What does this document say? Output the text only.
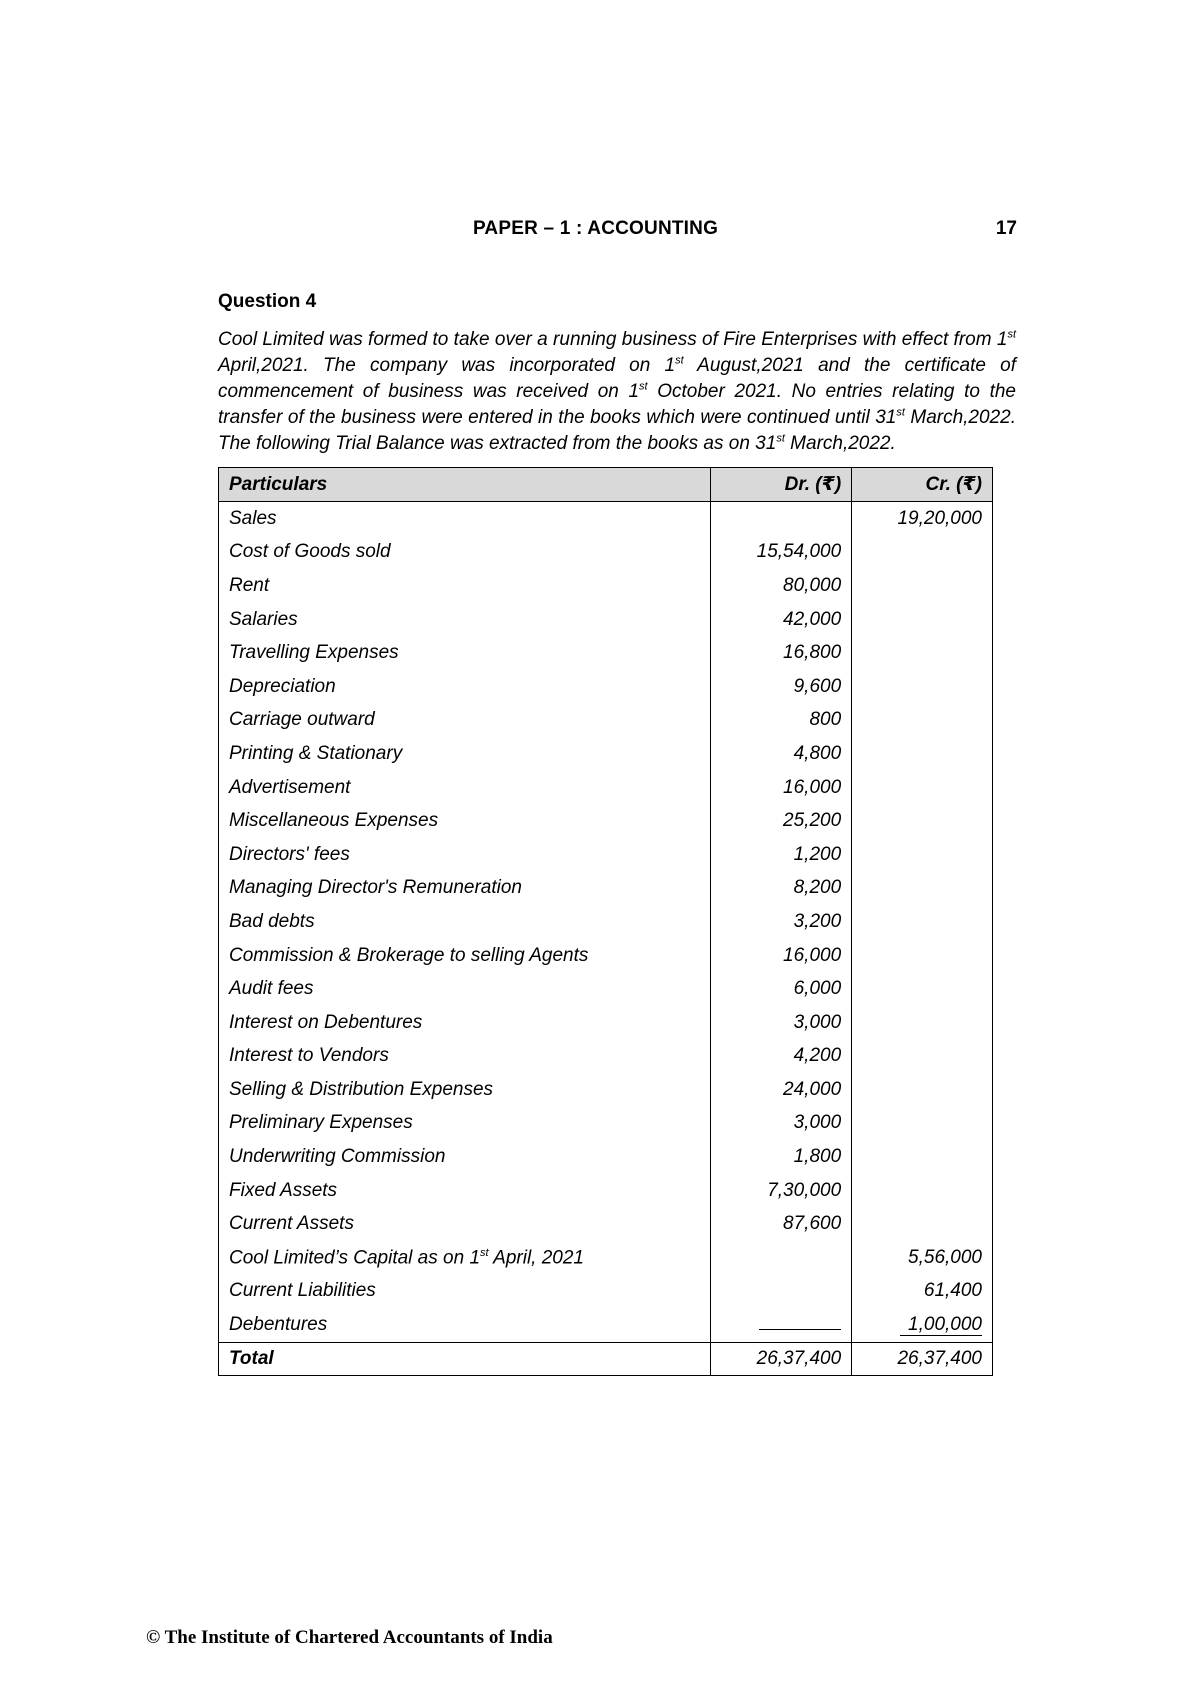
PAPER – 1 : ACCOUNTING	17
Question 4
Cool Limited was formed to take over a running business of Fire Enterprises with effect from 1st April,2021. The company was incorporated on 1st August,2021 and the certificate of commencement of business was received on 1st October 2021. No entries relating to the transfer of the business were entered in the books which were continued until 31st March,2022. The following Trial Balance was extracted from the books as on 31st March,2022.
Particulars	Dr. (₹)	Cr. (₹)
Sales		19,20,000
Cost of Goods sold	15,54,000	
Rent	80,000	
Salaries	42,000	
Travelling Expenses	16,800	
Depreciation	9,600	
Carriage outward	800	
Printing & Stationary	4,800	
Advertisement	16,000	
Miscellaneous Expenses	25,200	
Directors' fees	1,200	
Managing Director's Remuneration	8,200	
Bad debts	3,200	
Commission & Brokerage to selling Agents	16,000	
Audit fees	6,000	
Interest on Debentures	3,000	
Interest to Vendors	4,200	
Selling & Distribution Expenses	24,000	
Preliminary Expenses	3,000	
Underwriting Commission	1,800	
Fixed Assets	7,30,000	
Current Assets	87,600	
Cool Limited’s Capital as on 1st April, 2021		5,56,000
Current Liabilities		61,400
Debentures		1,00,000
Total	26,37,400	26,37,400
© The Institute of Chartered Accountants of India
